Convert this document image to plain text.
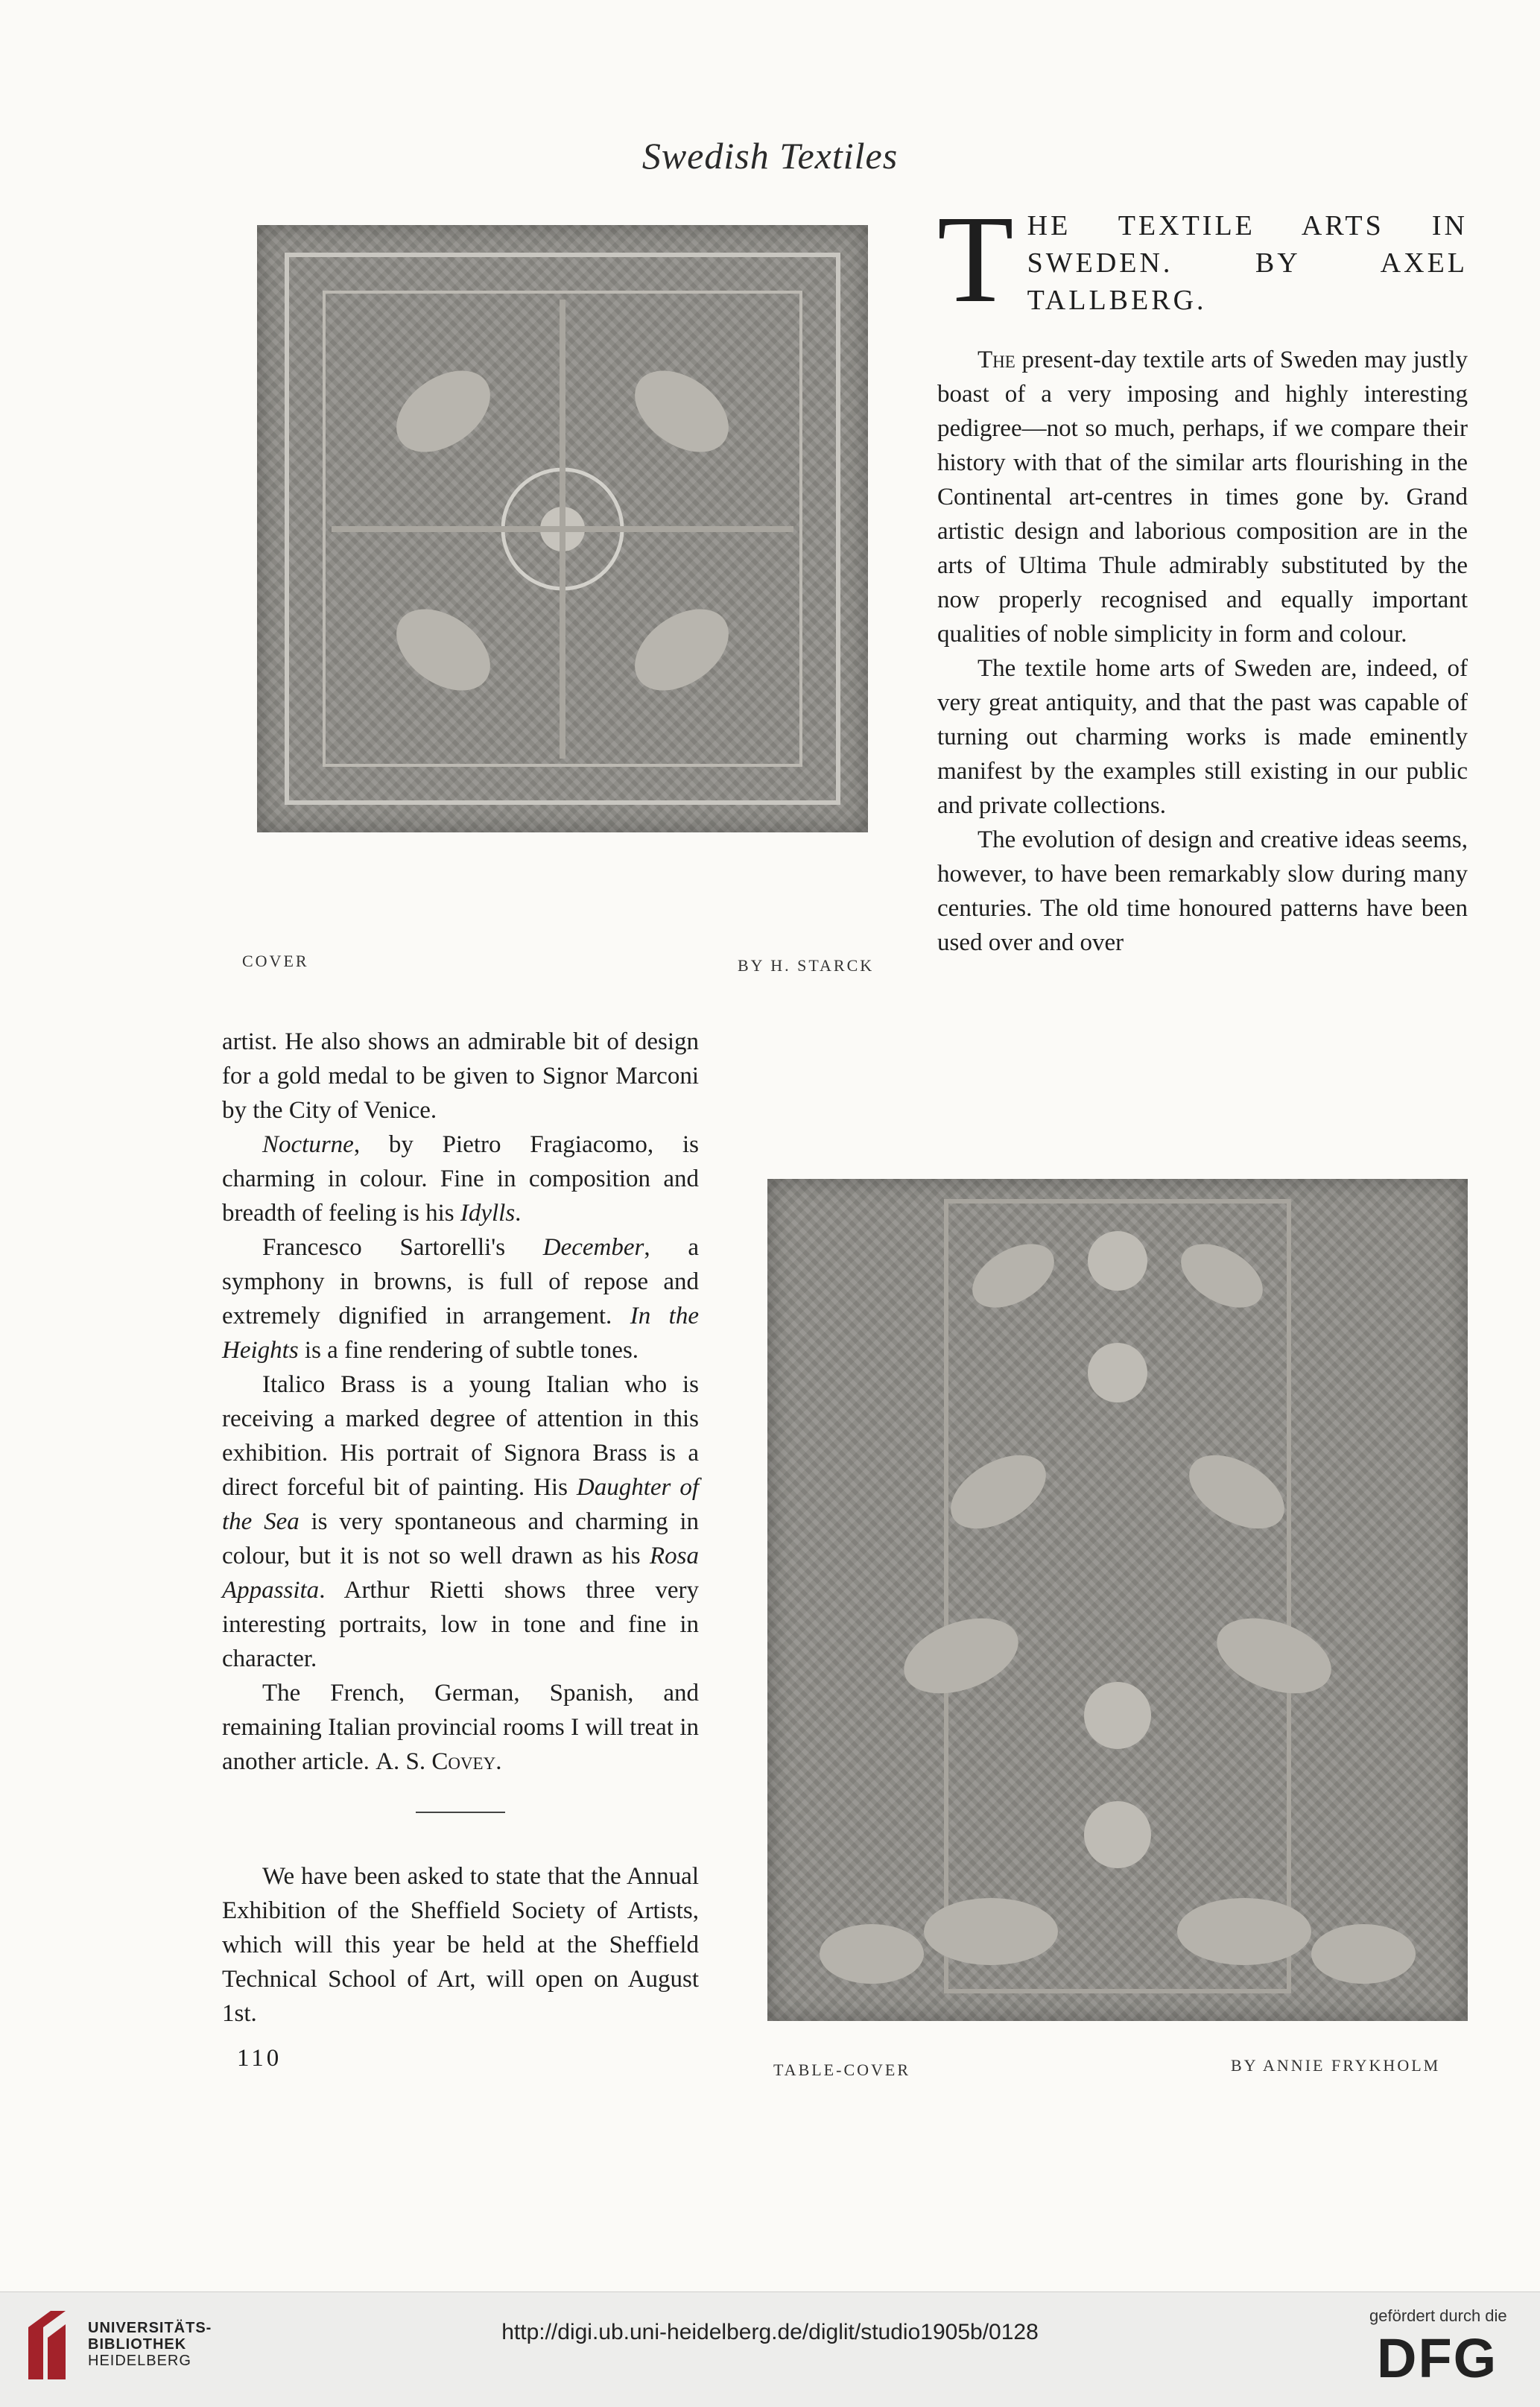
Swedish Textiles
COVER	BY H. STARCK
T HE TEXTILE ARTS IN SWEDEN. BY AXEL TALLBERG.

The present-day textile arts of Sweden may justly boast of a very imposing and highly interesting pedigree—not so much, perhaps, if we compare their history with that of the similar arts flourishing in the Continental art-centres in times gone by. Grand artistic design and laborious composition are in the arts of Ultima Thule admirably substituted by the now properly recognised and equally important qualities of noble simplicity in form and colour.

The textile home arts of Sweden are, indeed, of very great antiquity, and that the past was capable of turning out charming works is made eminently manifest by the examples still existing in our public and private collections.

The evolution of design and creative ideas seems, however, to have been remarkably slow during many centuries. The old time honoured patterns have been used over and over

artist. He also shows an admirable bit of design for a gold medal to be given to Signor Marconi by the City of Venice.

Nocturne, by Pietro Fragiacomo, is charming in colour. Fine in composition and breadth of feeling is his Idylls.

Francesco Sartorelli's December, a symphony in browns, is full of repose and extremely dignified in arrangement. In the Heights is a fine rendering of subtle tones.

Italico Brass is a young Italian who is receiving a marked degree of attention in this exhibition. His portrait of Signora Brass is a direct forceful bit of painting. His Daughter of the Sea is very spontaneous and charming in colour, but it is not so well drawn as his Rosa Appassita. Arthur Rietti shows three very interesting portraits, low in tone and fine in character.

The French, German, Spanish, and remaining Italian provincial rooms I will treat in another article. A. S. Covey.

We have been asked to state that the Annual Exhibition of the Sheffield Society of Artists, which will this year be held at the Sheffield Technical School of Art, will open on August 1st.

110	TABLE-COVER	BY ANNIE FRYKHOLM
UNIVERSITÄTS-
BIBLIOTHEK
HEIDELBERG
http://digi.ub.uni-heidelberg.de/diglit/studio1905b/0128
gefördert durch die
DFG
